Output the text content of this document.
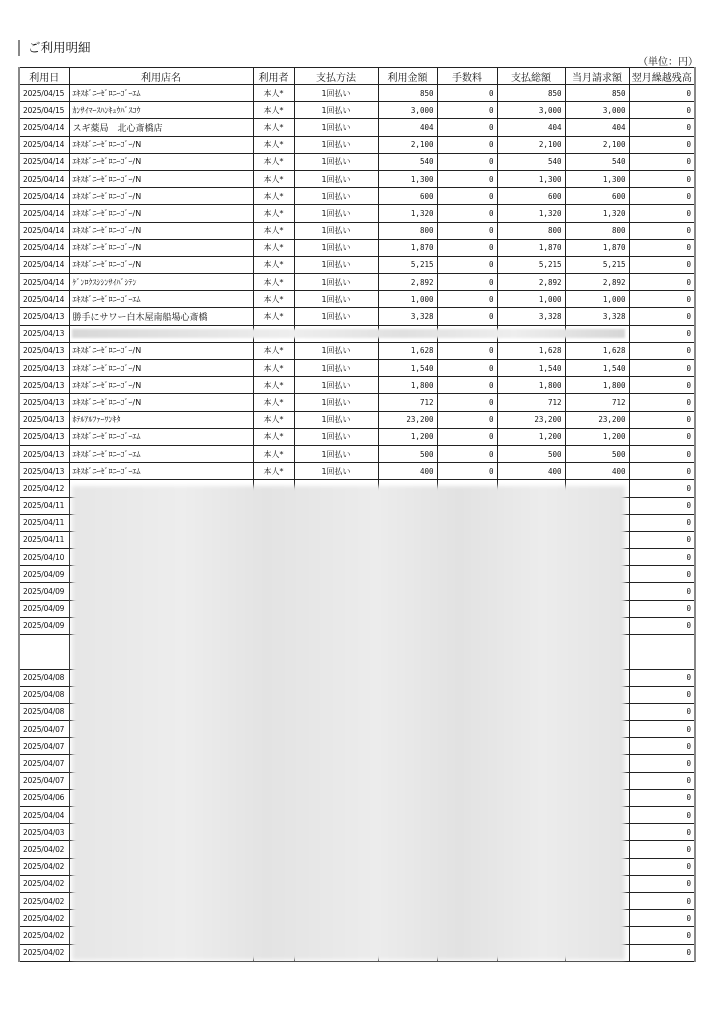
ご利用明細
（単位：円）
利用日	利用店名	利用者	支払方法	利用金額	手数料	支払総額	当月請求額	翌月繰越残高
2025/04/15	ｴｷｽﾎﾞﾆｰｾﾞﾛﾆｰｺﾞｰｴﾑ	本人*	1回払い	850	0	850	850	0
2025/04/15	ｶﾝｻｲﾏｰｽﾊﾝｷｭｳﾊﾞｽｺｳ	本人*	1回払い	3,000	0	3,000	3,000	0
2025/04/14	スギ薬局　北心斎橋店	本人*	1回払い	404	0	404	404	0
2025/04/14	ｴｷｽﾎﾞﾆｰｾﾞﾛﾆｰｺﾞｰ/N	本人*	1回払い	2,100	0	2,100	2,100	0
2025/04/14	ｴｷｽﾎﾞﾆｰｾﾞﾛﾆｰｺﾞｰ/N	本人*	1回払い	540	0	540	540	0
2025/04/14	ｴｷｽﾎﾞﾆｰｾﾞﾛﾆｰｺﾞｰ/N	本人*	1回払い	1,300	0	1,300	1,300	0
2025/04/14	ｴｷｽﾎﾞﾆｰｾﾞﾛﾆｰｺﾞｰ/N	本人*	1回払い	600	0	600	600	0
2025/04/14	ｴｷｽﾎﾞﾆｰｾﾞﾛﾆｰｺﾞｰ/N	本人*	1回払い	1,320	0	1,320	1,320	0
2025/04/14	ｴｷｽﾎﾞﾆｰｾﾞﾛﾆｰｺﾞｰ/N	本人*	1回払い	800	0	800	800	0
2025/04/14	ｴｷｽﾎﾞﾆｰｾﾞﾛﾆｰｺﾞｰ/N	本人*	1回払い	1,870	0	1,870	1,870	0
2025/04/14	ｴｷｽﾎﾞﾆｰｾﾞﾛﾆｰｺﾞｰ/N	本人*	1回払い	5,215	0	5,215	5,215	0
2025/04/14	ｹﾞﾝﾛｸｽｼｼﾝｻｲﾊﾞｼﾃﾝ	本人*	1回払い	2,892	0	2,892	2,892	0
2025/04/14	ｴｷｽﾎﾞﾆｰｾﾞﾛﾆｰｺﾞｰｴﾑ	本人*	1回払い	1,000	0	1,000	1,000	0
2025/04/13	勝手にサワー白木屋南船場心斎橋	本人*	1回払い	3,328	0	3,328	3,328	0
2025/04/13								0
2025/04/13	ｴｷｽﾎﾞﾆｰｾﾞﾛﾆｰｺﾞｰ/N	本人*	1回払い	1,628	0	1,628	1,628	0
2025/04/13	ｴｷｽﾎﾞﾆｰｾﾞﾛﾆｰｺﾞｰ/N	本人*	1回払い	1,540	0	1,540	1,540	0
2025/04/13	ｴｷｽﾎﾞﾆｰｾﾞﾛﾆｰｺﾞｰ/N	本人*	1回払い	1,800	0	1,800	1,800	0
2025/04/13	ｴｷｽﾎﾞﾆｰｾﾞﾛﾆｰｺﾞｰ/N	本人*	1回払い	712	0	712	712	0
2025/04/13	ﾎﾃﾙｱﾙﾌｧｰﾜﾝｷﾀ	本人*	1回払い	23,200	0	23,200	23,200	0
2025/04/13	ｴｷｽﾎﾞﾆｰｾﾞﾛﾆｰｺﾞｰｴﾑ	本人*	1回払い	1,200	0	1,200	1,200	0
2025/04/13	ｴｷｽﾎﾞﾆｰｾﾞﾛﾆｰｺﾞｰｴﾑ	本人*	1回払い	500	0	500	500	0
2025/04/13	ｴｷｽﾎﾞﾆｰｾﾞﾛﾆｰｺﾞｰｴﾑ	本人*	1回払い	400	0	400	400	0
2025/04/12								0
2025/04/11								0
2025/04/11								0
2025/04/11								0
2025/04/10								0
2025/04/09								0
2025/04/09								0
2025/04/09								0
2025/04/09								0

2025/04/08								0
2025/04/08								0
2025/04/08								0
2025/04/07								0
2025/04/07								0
2025/04/07								0
2025/04/07								0
2025/04/06								0
2025/04/04								0
2025/04/03								0
2025/04/02								0
2025/04/02								0
2025/04/02								0
2025/04/02								0
2025/04/02								0
2025/04/02								0
2025/04/02								0
